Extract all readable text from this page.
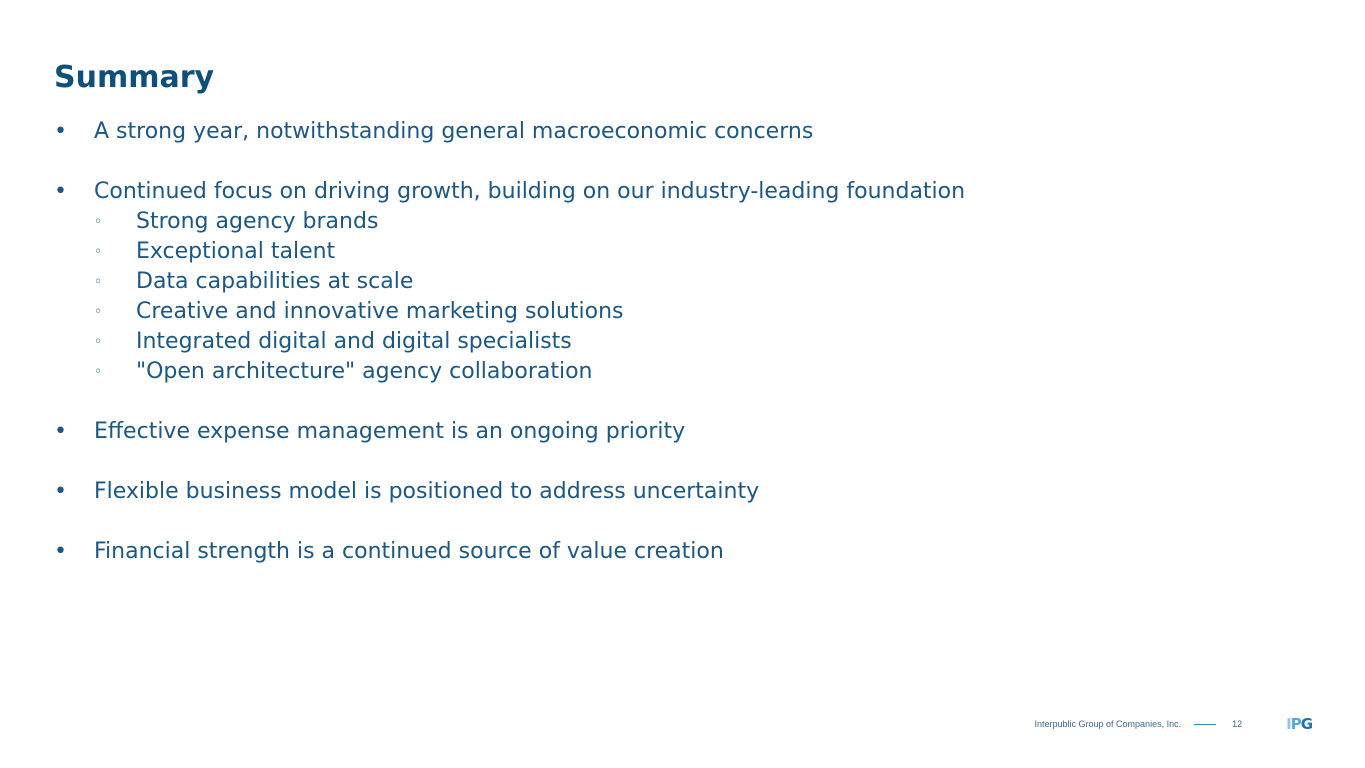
Summary
•	A strong year, notwithstanding general macroeconomic concerns
•	Continued focus on driving growth, building on our industry-leading foundation
◦ Strong agency brands
◦ Exceptional talent
◦ Data capabilities at scale
◦ Creative and innovative marketing solutions
◦ Integrated digital and digital specialists
◦ "Open architecture" agency collaboration
•	Effective expense management is an ongoing priority
•	Flexible business model is positioned to address uncertainty
•	Financial strength is a continued source of value creation
Interpublic Group of Companies, Inc.	12	I P G
